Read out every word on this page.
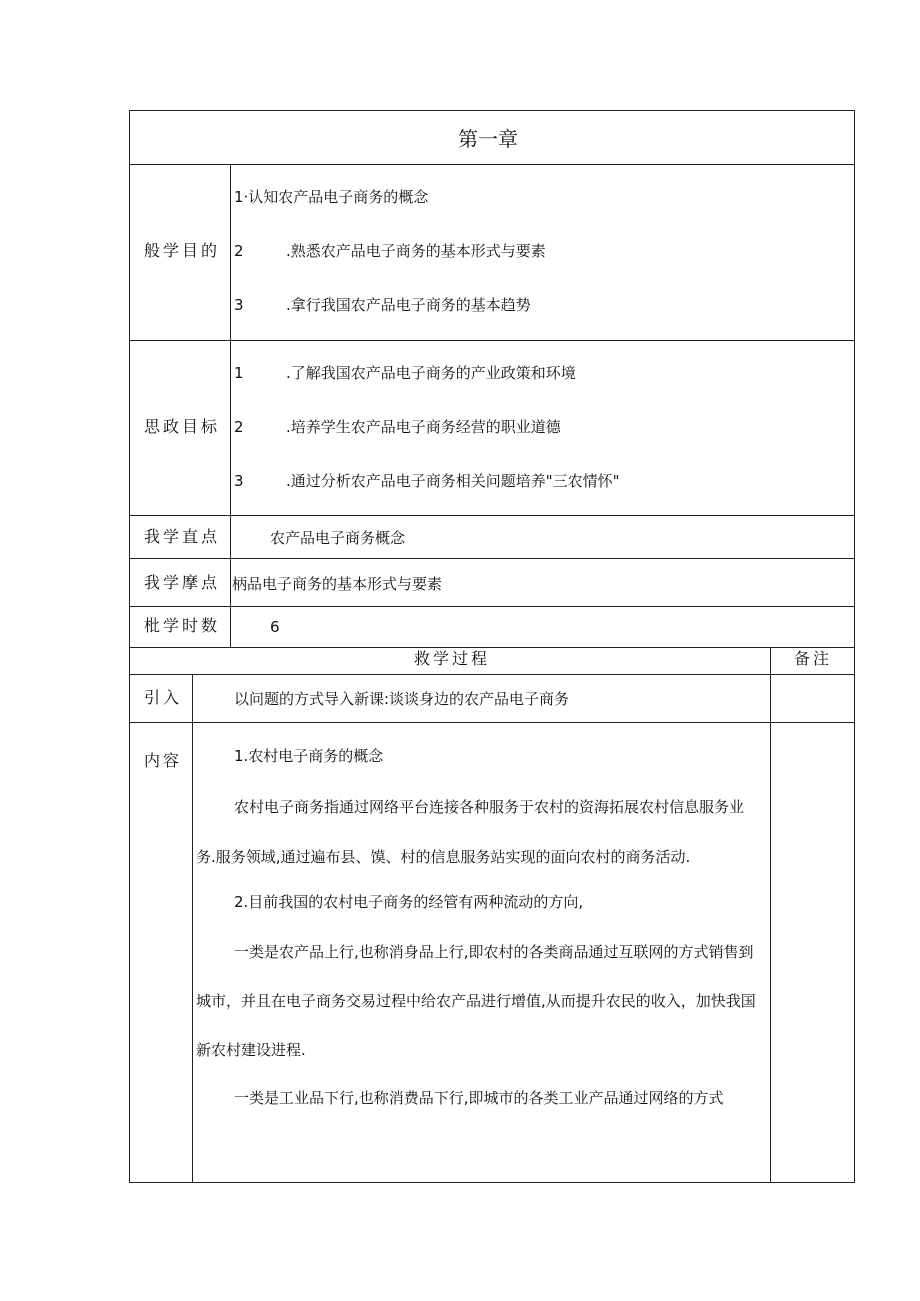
第一章
般学目的
1·认知农产品电子商务的概念
2	.熟悉农产品电子商务的基本形式与要素
3	.拿行我国农产品电子商务的基本趋势
思政目标
1	.了解我国农产品电子商务的产业政策和环境
2	.培养学生农产品电子商务经营的职业道德
3	.通过分析农产品电子商务相关问题培养"三农情怀"
我学直点	农产品电子商务概念
我学摩点 柄品电子商务的基本形式与要素
枇学时数	6
救学过程	备注
引入	以问题的方式导入新课:谈谈身边的农产品电子商务
内容	1.农村电子商务的概念
农村电子商务指通过网络平台连接各种服务于农村的资海拓展农村信息服务业
务.服务领域,通过遍布县、馍、村的信息服务站实现的面向农村的商务活动.
2.目前我国的农村电子商务的经管有两种流动的方向,
一类是农产品上行,也称消身品上行,即农村的各类商品通过互联网的方式销售到
城市，并且在电子商务交易过程中给农产品进行增值,从而提升农民的收入，加快我国
新农村建设进程.
一类是工业品下行,也称消费品下行,即城市的各类工业产品通过网络的方式
